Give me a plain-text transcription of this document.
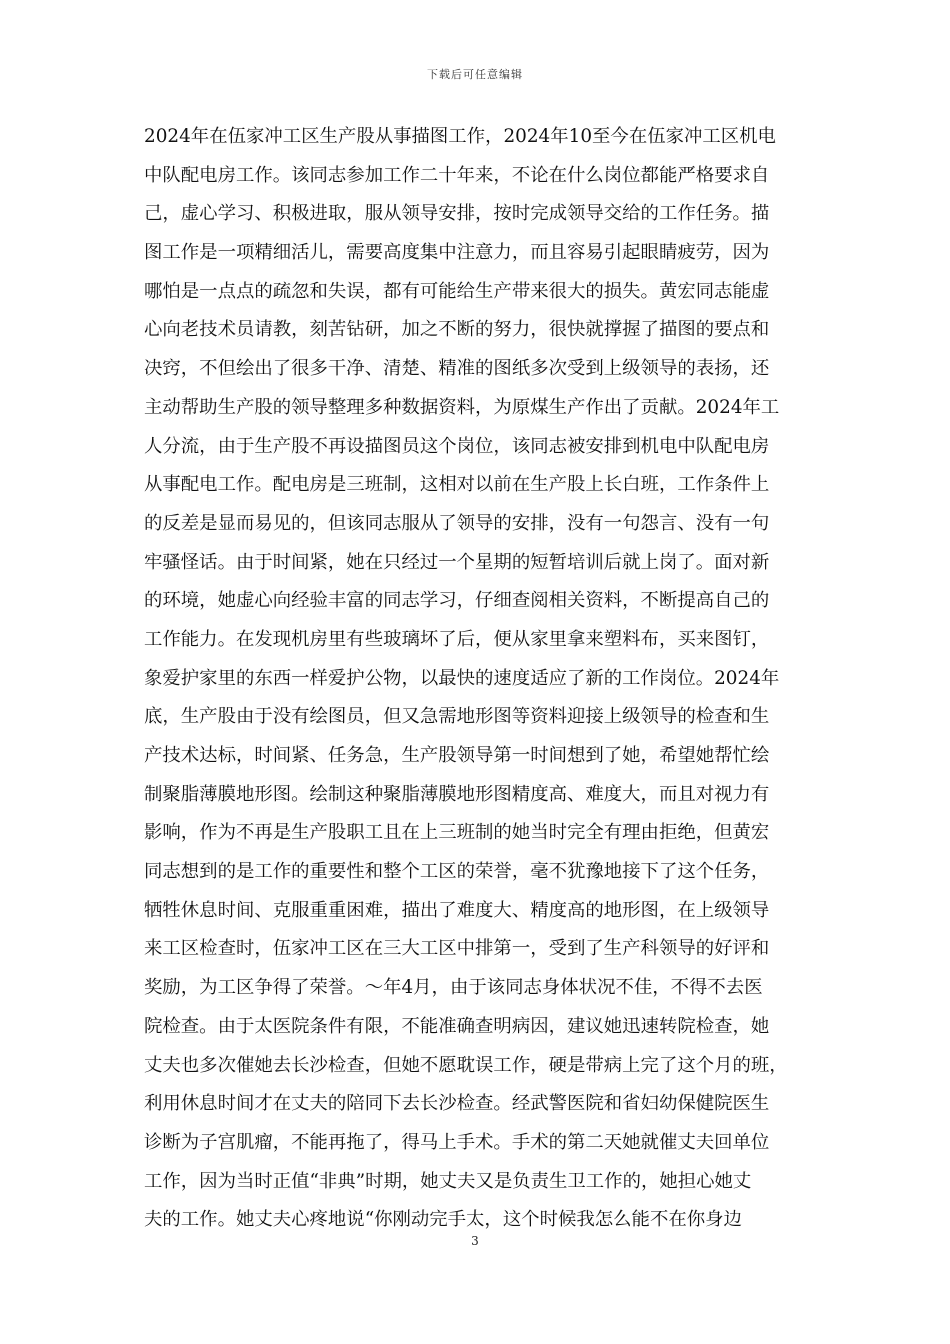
下载后可任意编辑
2024年在伍家冲工区生产股从事描图工作，2024年10至今在伍家冲工区机电
中队配电房工作。该同志参加工作二十年来，不论在什么岗位都能严格要求自
己，虚心学习、积极进取，服从领导安排，按时完成领导交给的工作任务。描
图工作是一项精细活儿，需要高度集中注意力，而且容易引起眼睛疲劳，因为
哪怕是一点点的疏忽和失误，都有可能给生产带来很大的损失。黄宏同志能虚
心向老技术员请教，刻苦钻研，加之不断的努力，很快就撑握了描图的要点和
决窍，不但绘出了很多干净、清楚、精准的图纸多次受到上级领导的表扬，还
主动帮助生产股的领导整理多种数据资料，为原煤生产作出了贡献。2024年工
人分流，由于生产股不再设描图员这个岗位，该同志被安排到机电中队配电房
从事配电工作。配电房是三班制，这相对以前在生产股上长白班，工作条件上
的反差是显而易见的，但该同志服从了领导的安排，没有一句怨言、没有一句
牢骚怪话。由于时间紧，她在只经过一个星期的短暂培训后就上岗了。面对新
的环境，她虚心向经验丰富的同志学习，仔细查阅相关资料，不断提高自己的
工作能力。在发现机房里有些玻璃坏了后，便从家里拿来塑料布，买来图钉，
象爱护家里的东西一样爱护公物，以最快的速度适应了新的工作岗位。2024年
底，生产股由于没有绘图员，但又急需地形图等资料迎接上级领导的检查和生
产技术达标，时间紧、任务急，生产股领导第一时间想到了她，希望她帮忙绘
制聚脂薄膜地形图。绘制这种聚脂薄膜地形图精度高、难度大，而且对视力有
影响，作为不再是生产股职工且在上三班制的她当时完全有理由拒绝，但黄宏
同志想到的是工作的重要性和整个工区的荣誉，毫不犹豫地接下了这个任务，
牺牲休息时间、克服重重困难，描出了难度大、精度高的地形图，在上级领导
来工区检查时，伍家冲工区在三大工区中排第一，受到了生产科领导的好评和
奖励，为工区争得了荣誉。～年4月，由于该同志身体状况不佳，不得不去医
院检查。由于太医院条件有限，不能准确查明病因，建议她迅速转院检查，她
丈夫也多次催她去长沙检查，但她不愿耽误工作，硬是带病上完了这个月的班，
利用休息时间才在丈夫的陪同下去长沙检查。经武警医院和省妇幼保健院医生
诊断为子宫肌瘤，不能再拖了，得马上手术。手术的第二天她就催丈夫回单位
工作，因为当时正值“非典”时期，她丈夫又是负责生卫工作的，她担心她丈
夫的工作。她丈夫心疼地说“你刚动完手太，这个时候我怎么能不在你身边
3
